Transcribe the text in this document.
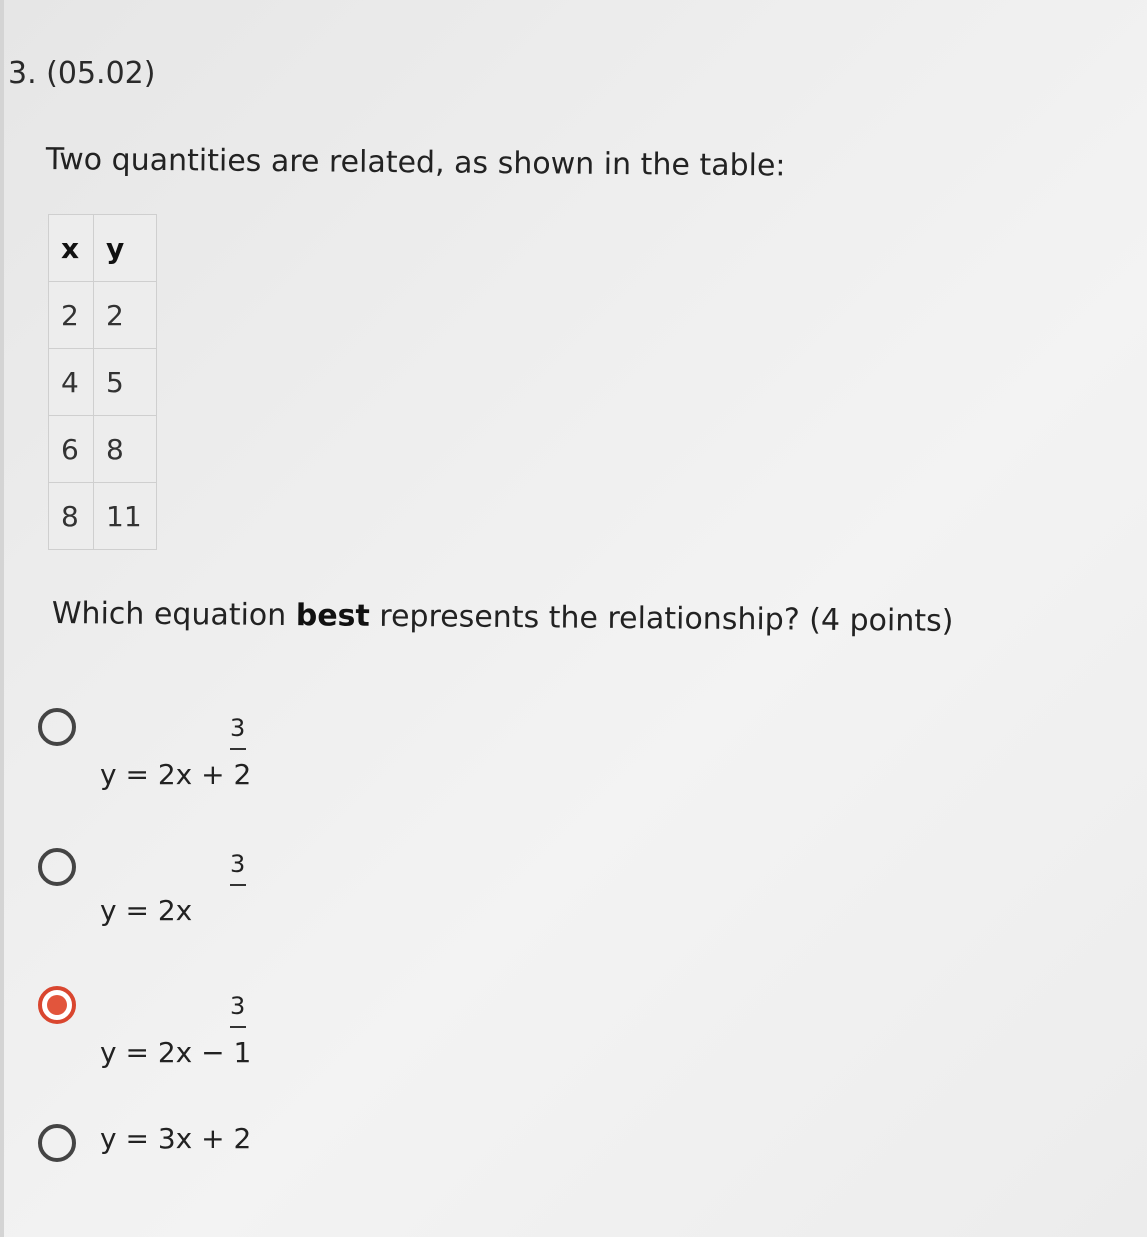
3. (05.02)
Two quantities are related, as shown in the table:
x	y
2	2
4	5
6	8
8	11
Which equation best represents the relationship? (4 points)
3
y = 2x + 2
3
y = 2x
3
y = 2x − 1
y = 3x + 2
